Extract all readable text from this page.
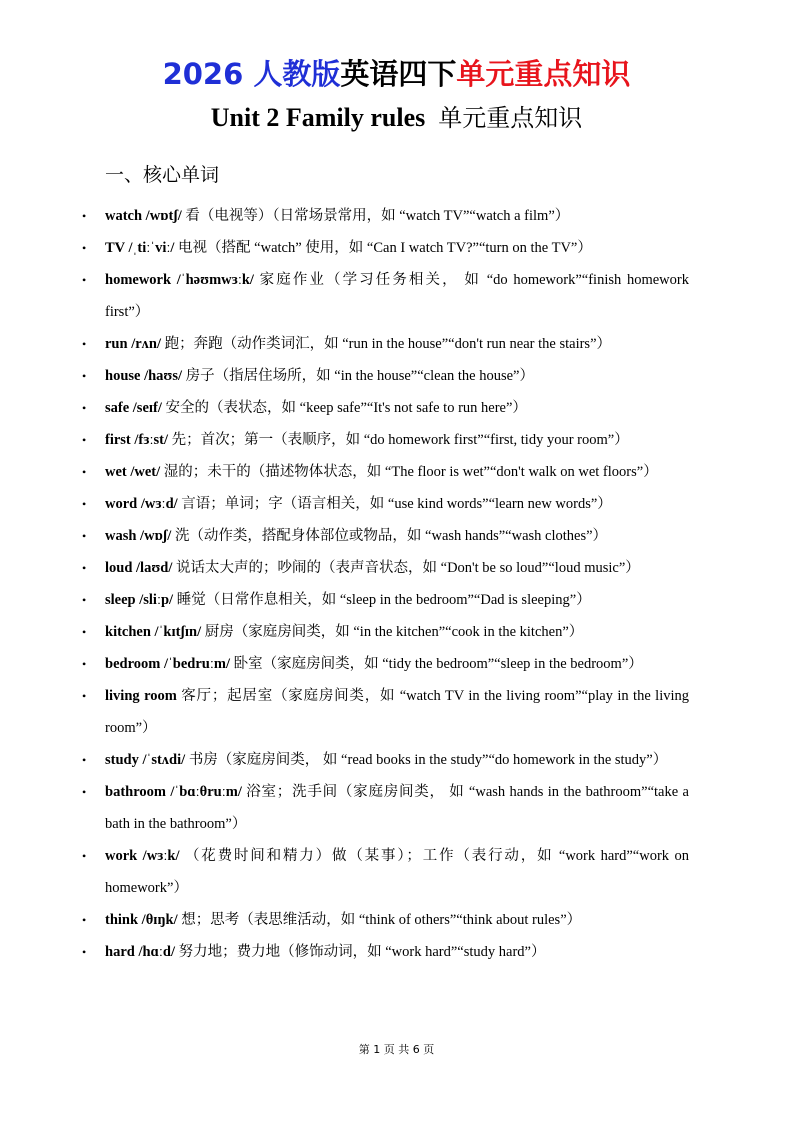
2026 人教版英语四下单元重点知识
Unit 2 Family rules 单元重点知识
一、核心单词
• watch /wɒtʃ/ 看（电视等）（日常场景常用，如 “watch TV”“watch a film”）
• TV /ˌtiːˈviː/ 电视（搭配 “watch” 使用，如 “Can I watch TV?”“turn on the TV”）
• homework /ˈhəʊmwɜːk/ 家庭作业（学习任务相关， 如 “do homework”“finish homework first”）
• run /rʌn/ 跑；奔跑（动作类词汇，如 “run in the house”“don't run near the stairs”）
• house /haʊs/ 房子（指居住场所，如 “in the house”“clean the house”）
• safe /seɪf/ 安全的（表状态，如 “keep safe”“It's not safe to run here”）
• first /fɜːst/ 先；首次；第一（表顺序，如 “do homework first”“first, tidy your room”）
• wet /wet/ 湿的；未干的（描述物体状态，如 “The floor is wet”“don't walk on wet floors”）
• word /wɜːd/ 言语；单词；字（语言相关，如 “use kind words”“learn new words”）
• wash /wɒʃ/ 洗（动作类，搭配身体部位或物品，如 “wash hands”“wash clothes”）
• loud /laʊd/ 说话太大声的；吵闹的（表声音状态，如 “Don't be so loud”“loud music”）
• sleep /sliːp/ 睡觉（日常作息相关，如 “sleep in the bedroom”“Dad is sleeping”）
• kitchen /ˈkɪtʃɪn/ 厨房（家庭房间类，如 “in the kitchen”“cook in the kitchen”）
• bedroom /ˈbedruːm/ 卧室（家庭房间类，如 “tidy the bedroom”“sleep in the bedroom”）
• living room 客厅；起居室（家庭房间类，如 “watch TV in the living room”“play in the living room”）
• study /ˈstʌdi/ 书房（家庭房间类， 如 “read books in the study”“do homework in the study”）
• bathroom /ˈbɑːθruːm/ 浴室；洗手间（家庭房间类， 如 “wash hands in the bathroom”“take a bath in the bathroom”）
• work /wɜːk/ （花费时间和精力）做（某事）；工作（表行动，如 “work hard”“work on homework”）
• think /θɪŋk/ 想；思考（表思维活动，如 “think of others”“think about rules”）
• hard /hɑːd/ 努力地；费力地（修饰动词，如 “work hard”“study hard”）
第 1 页 共 6 页
